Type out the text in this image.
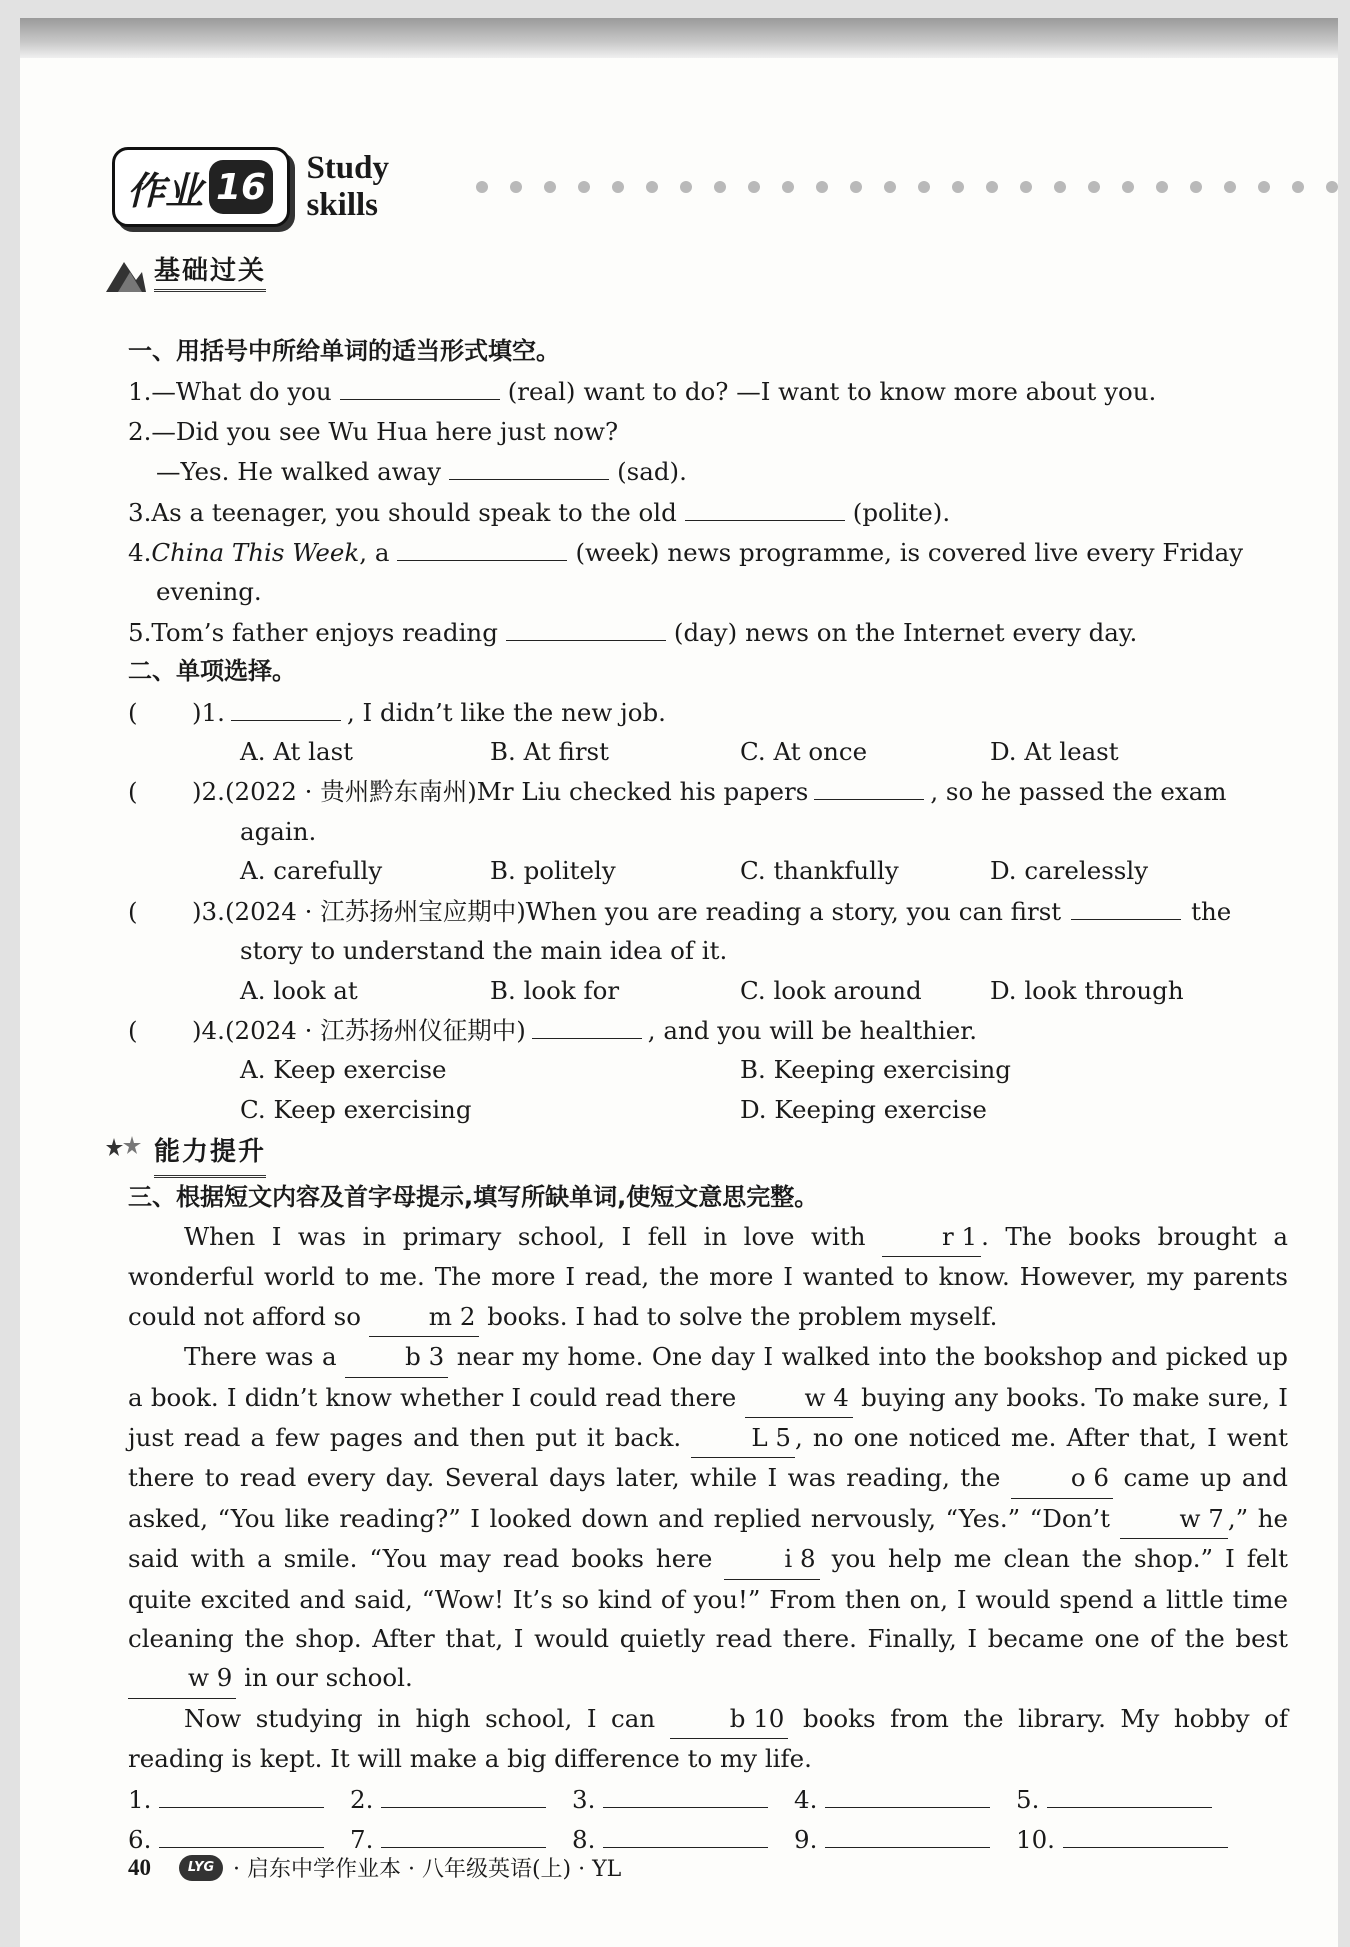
作业 16 Study skills
基础过关
一、用括号中所给单词的适当形式填空。
1. —What do you	(real) want to do? —I want to know more about you.
2. —Did you see Wu Hua here just now?
—Yes. He walked away	(sad).
3. As a teenager, you should speak to the old	(polite).
4. China This Week , a	(week) news programme, is covered live every Friday
evening.
5. Tom’s father enjoys reading	(day) news on the Internet every day.
二、单项选择。
(	)1.	, I didn’t like the new job.
A. At last	B. At first	C. At once	D. At least
(	)2. (2022 · 贵州黔东南州) Mr Liu checked his papers	, so he passed the exam
again.
A. carefully	B. politely	C. thankfully	D. carelessly
(	)3. (2024 · 江苏扬州宝应期中) When you are reading a story, you can first	the
story to understand the main idea of it.
A. look at	B. look for	C. look around	D. look through
(	)4. (2024 · 江苏扬州仪征期中)	, and you will be healthier.
A. Keep exercise	B. Keeping exercising
C. Keep exercising	D. Keeping exercise
能力提升
三、根据短文内容及首字母提示,填写所缺单词,使短文意思完整。
When I was in primary school, I fell in love with	r 1 . The books brought a wonderful world to me. The more I read, the more I wanted to know. However, my parents could not afford so	m 2 books. I had to solve the problem myself.
There was a	b 3 near my home. One day I walked into the bookshop and picked up a book. I didn’t know whether I could read there	w 4 buying any books. To make sure, I just read a few pages and then put it back.	L 5 , no one noticed me. After that, I went there to read every day. Several days later, while I was reading, the	o 6 came up and asked, “You like reading?” I looked down and replied nervously, “Yes.” “Don’t	w 7 ,” he said with a smile. “You may read books here	i 8 you help me clean the shop.” I felt quite excited and said, “Wow! It’s so kind of you!” From then on, I would spend a little time cleaning the shop. After that, I would quietly read there. Finally, I became one of the best w 9 in our school.
Now studying in high school, I can	b 10 books from the library. My hobby of reading is kept. It will make a big difference to my life.
1.	2.	3.	4.	5.
6.	7.	8.	9.	10.
40	LYG · 启东中学作业本 · 八年级英语(上) · YL
